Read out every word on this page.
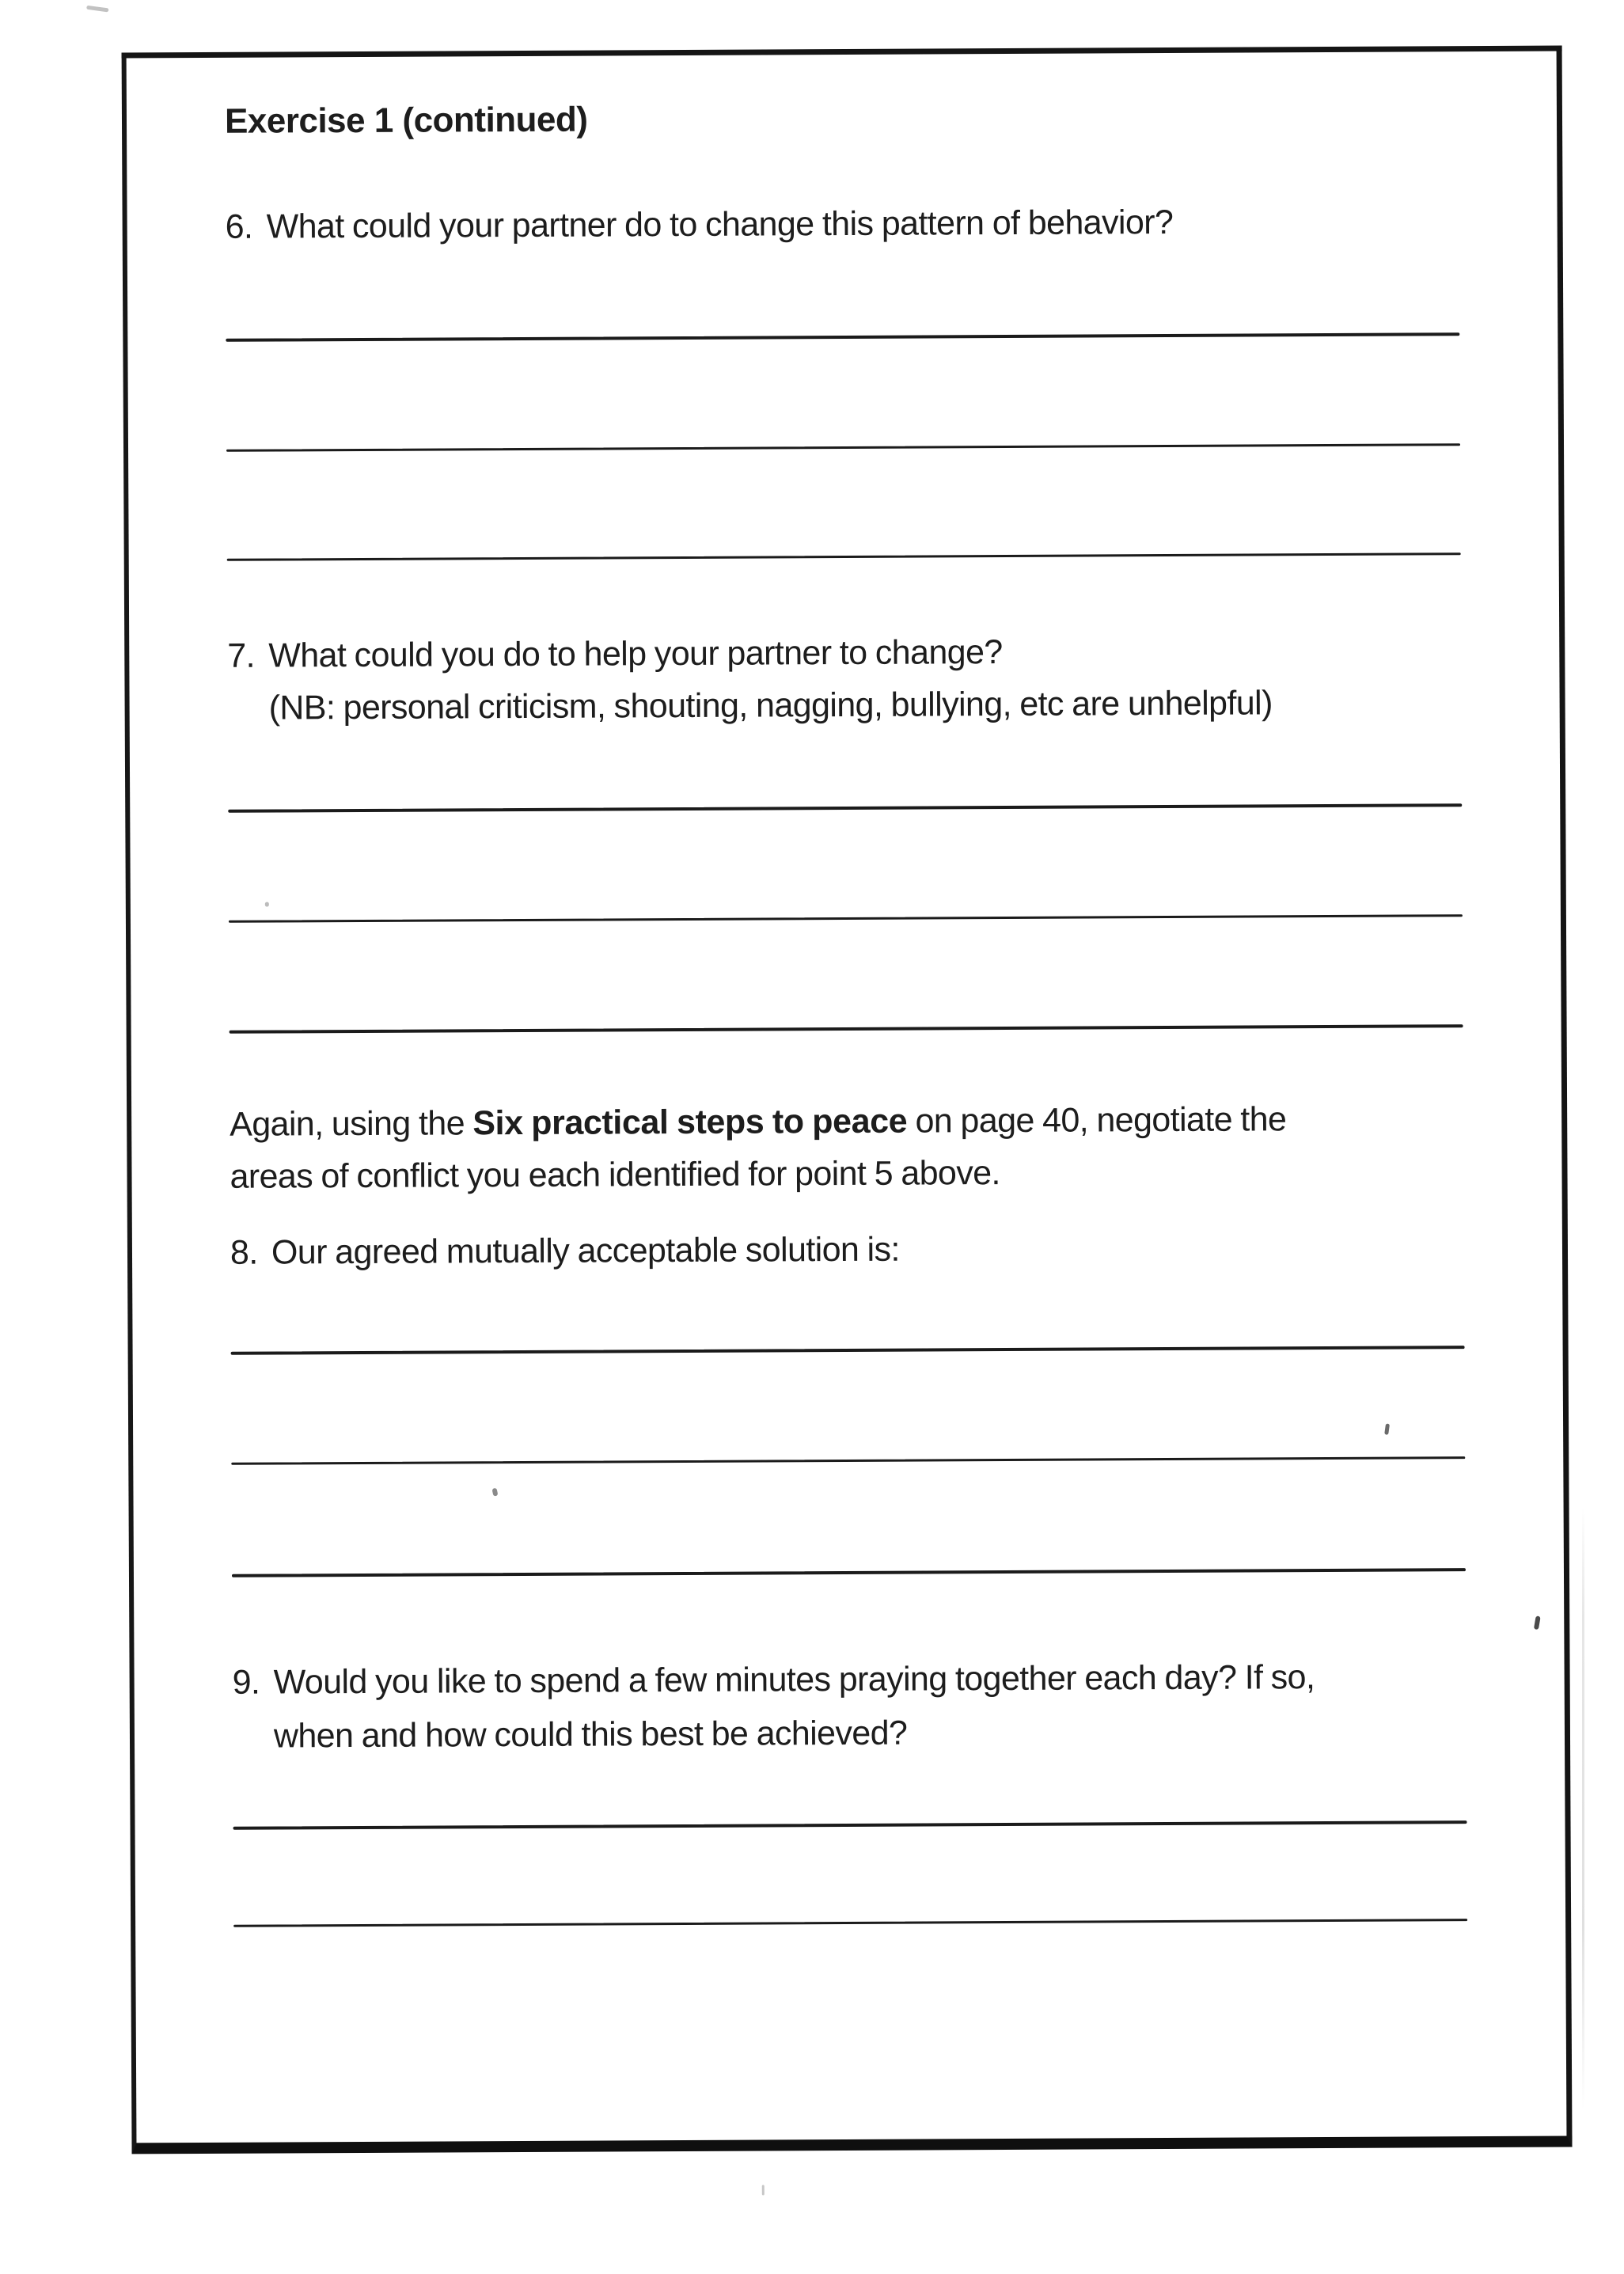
Exercise 1 (continued)
6. What could your partner do to change this pattern of behavior?
7. What could you do to help your partner to change?
(NB: personal criticism, shouting, nagging, bullying, etc are unhelpful)
Again, using the Six practical steps to peace on page 40, negotiate the
areas of conflict you each identified for point 5 above.
8. Our agreed mutually acceptable solution is:
9. Would you like to spend a few minutes praying together each day? If so,
when and how could this best be achieved?
